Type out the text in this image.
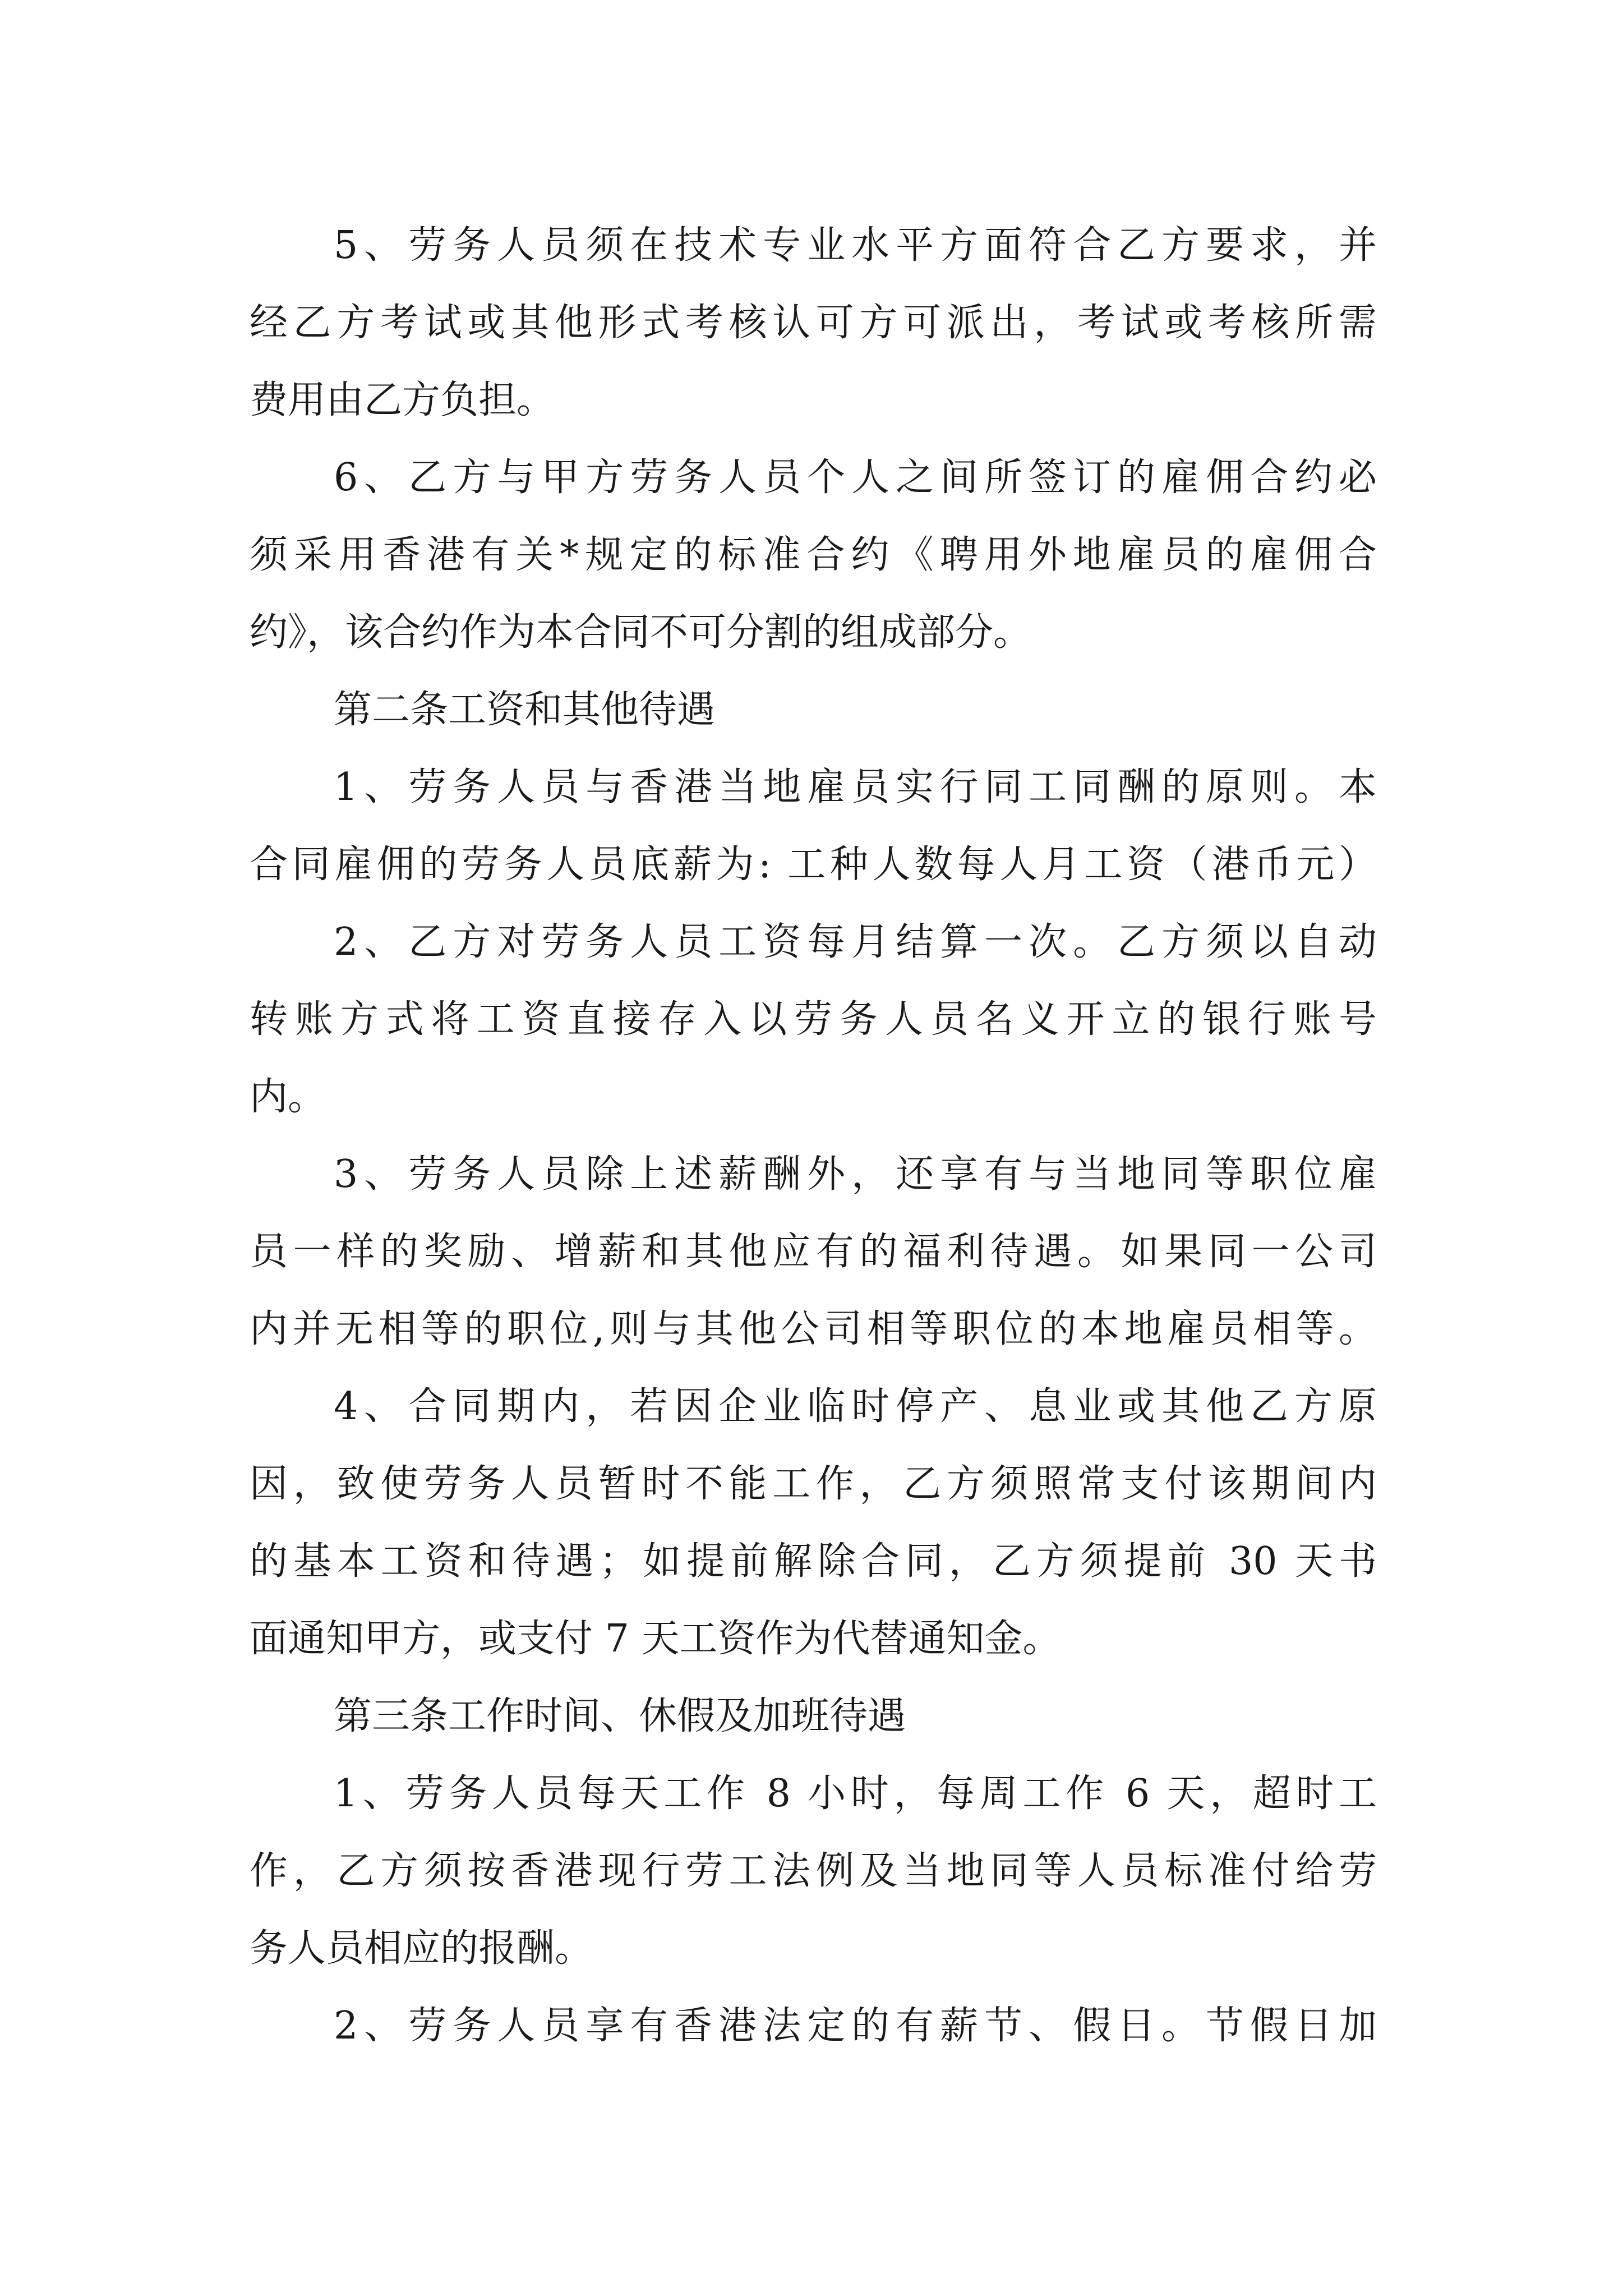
5、劳务人员须在技术专业水平方面符合乙方要求，并
经乙方考试或其他形式考核认可方可派出，考试或考核所需
费用由乙方负担。
6、乙方与甲方劳务人员个人之间所签订的雇佣合约必
须采用香港有关*规定的标准合约《聘用外地雇员的雇佣合
约》，该合约作为本合同不可分割的组成部分。
第二条工资和其他待遇
1、劳务人员与香港当地雇员实行同工同酬的原则。本
合同雇佣的劳务人员底薪为: 工种人数每人月工资（港币元）
2、乙方对劳务人员工资每月结算一次。乙方须以自动
转账方式将工资直接存入以劳务人员名义开立的银行账号
内。
3、劳务人员除上述薪酬外，还享有与当地同等职位雇
员一样的奖励、增薪和其他应有的福利待遇。如果同一公司
内并无相等的职位,则与其他公司相等职位的本地雇员相等。
4、合同期内，若因企业临时停产、息业或其他乙方原
因，致使劳务人员暂时不能工作，乙方须照常支付该期间内
的基本工资和待遇；如提前解除合同，乙方须提前 30 天书
面通知甲方，或支付 7 天工资作为代替通知金。
第三条工作时间、休假及加班待遇
1、劳务人员每天工作 8 小时，每周工作 6 天，超时工
作，乙方须按香港现行劳工法例及当地同等人员标准付给劳
务人员相应的报酬。
2、劳务人员享有香港法定的有薪节、假日。节假日加
